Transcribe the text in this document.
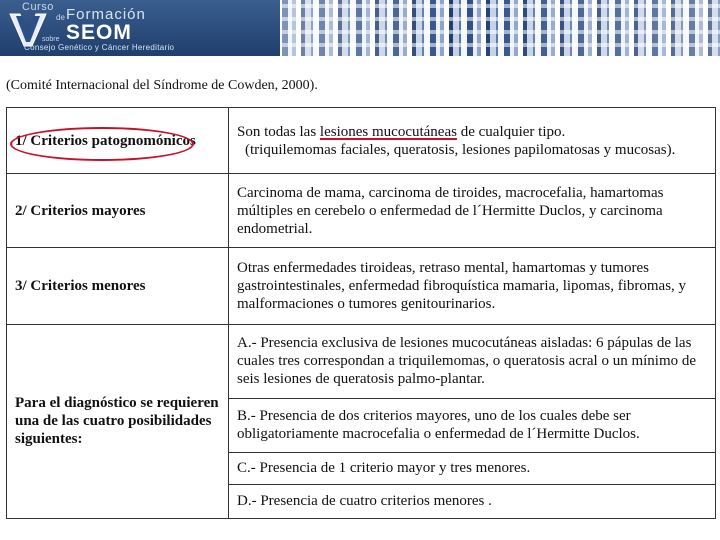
Curso
de Formación
SEOM
sobre
Consejo Genético y Cáncer Hereditario
(Comité Internacional del Síndrome de Cowden, 2000).
1/ Criterios patognomónicos	Son todas las lesiones mucocutáneas de cualquier tipo.
(triquilemomas faciales, queratosis, lesiones papilomatosas y mucosas).
2/ Criterios mayores	Carcinoma de mama, carcinoma de tiroides, macrocefalia, hamartomas múltiples en cerebelo o enfermedad de l´Hermitte Duclos, y carcinoma endometrial.
3/ Criterios menores	Otras enfermedades tiroideas, retraso mental, hamartomas y tumores gastrointestinales, enfermedad fibroquística mamaria, lipomas, fibromas, y malformaciones o tumores genitourinarios.
Para el diagnóstico se requieren una de las cuatro posibilidades siguientes:	A.- Presencia exclusiva de lesiones mucocutáneas aisladas: 6 pápulas de las cuales tres correspondan a triquilemomas, o queratosis acral o un mínimo de seis lesiones de queratosis palmo-plantar.
	B.- Presencia de dos criterios mayores, uno de los cuales debe ser obligatoriamente macrocefalia o enfermedad de l´Hermitte Duclos.
	C.- Presencia de 1 criterio mayor y tres menores.
	D.- Presencia de cuatro criterios menores .
